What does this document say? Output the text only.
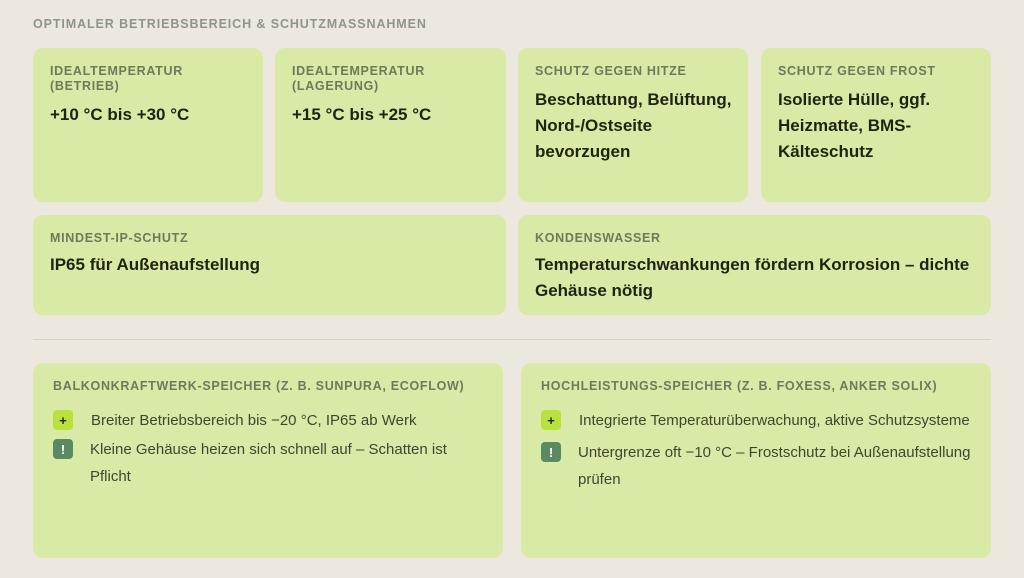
OPTIMALER BETRIEBSBEREICH & SCHUTZMASSNAHMEN
IDEALTEMPERATUR (BETRIEB)
+10 °C bis +30 °C
IDEALTEMPERATUR (LAGERUNG)
+15 °C bis +25 °C
SCHUTZ GEGEN HITZE
Beschattung, Belüftung, Nord-/Ostseite bevorzugen
SCHUTZ GEGEN FROST
Isolierte Hülle, ggf. Heizmatte, BMS-Kälteschutz
MINDEST-IP-SCHUTZ
IP65 für Außenaufstellung
KONDENSWASSER
Temperaturschwankungen fördern Korrosion – dichte Gehäuse nötig
BALKONKRAFTWERK-SPEICHER (Z. B. SUNPURA, ECOFLOW)
+	Breiter Betriebsbereich bis −20 °C, IP65 ab Werk
!	Kleine Gehäuse heizen sich schnell auf – Schatten ist Pflicht
HOCHLEISTUNGS-SPEICHER (Z. B. FOXESS, ANKER SOLIX)
+	Integrierte Temperaturüberwachung, aktive Schutzsysteme
!	Untergrenze oft −10 °C – Frostschutz bei Außenaufstellung prüfen
